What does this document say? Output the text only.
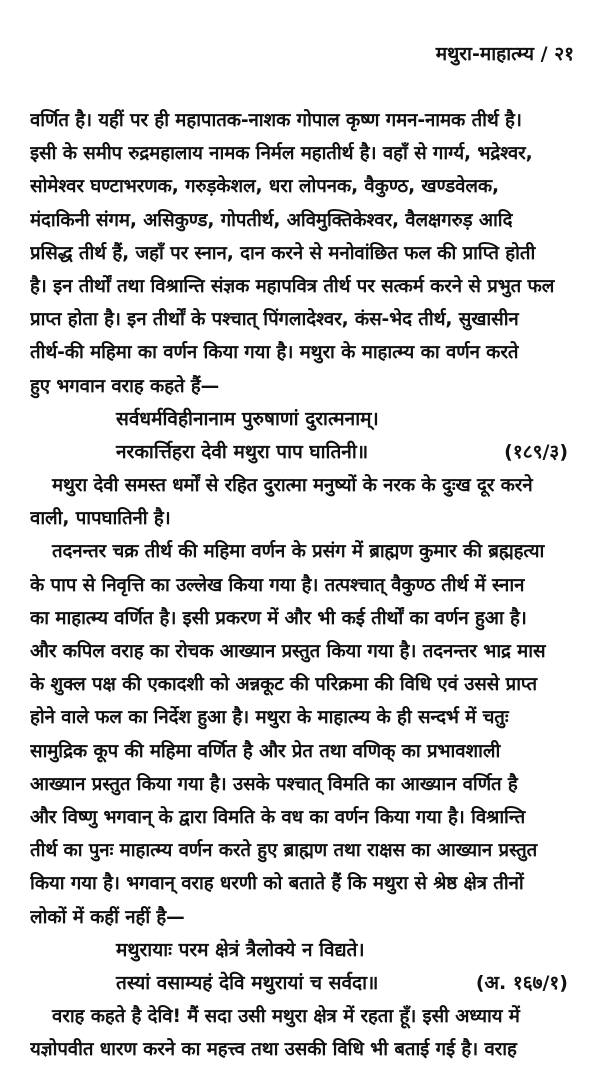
मथुरा-माहात्म्य / २१
वर्णित है। यहीं पर ही महापातक-नाशक गोपाल कृष्ण गमन-नामक तीर्थ है।
इसी के समीप रुद्रमहालाय नामक निर्मल महातीर्थ है। वहाँ से गार्ग्य, भद्रेश्वर,
सोमेश्वर घण्टाभरणक, गरुड़केशल, धरा लोपनक, वैकुण्ठ, खण्डवेलक,
मंदाकिनी संगम, असिकुण्ड, गोपतीर्थ, अविमुक्तिकेश्वर, वैलक्षगरुड़ आदि
प्रसिद्ध तीर्थ हैं, जहाँ पर स्नान, दान करने से मनोवांछित फल की प्राप्ति होती
है। इन तीर्थों तथा विश्रान्ति संज्ञक महापवित्र तीर्थ पर सत्कर्म करने से प्रभुत फल
प्राप्त होता है। इन तीर्थों के पश्चात् पिंगलादेश्वर, कंस-भेद तीर्थ, सुखासीन
तीर्थ-की महिमा का वर्णन किया गया है। मथुरा के माहात्म्य का वर्णन करते
हुए भगवान वराह कहते हैं—
सर्वधर्मविहीनानाम पुरुषाणां दुरात्मनाम्।
नरकार्त्तिहरा देवी मथुरा पाप घातिनी॥	(१८९/३)
मथुरा देवी समस्त धर्मों से रहित दुरात्मा मनुष्यों के नरक के दुःख दूर करने
वाली, पापघातिनी है।
तदनन्तर चक्र तीर्थ की महिमा वर्णन के प्रसंग में ब्राह्मण कुमार की ब्रह्महत्या
के पाप से निवृत्ति का उल्लेख किया गया है। तत्पश्चात् वैकुण्ठ तीर्थ में स्नान
का माहात्म्य वर्णित है। इसी प्रकरण में और भी कई तीर्थों का वर्णन हुआ है।
और कपिल वराह का रोचक आख्यान प्रस्तुत किया गया है। तदनन्तर भाद्र मास
के शुक्ल पक्ष की एकादशी को अन्नकूट की परिक्रमा की विधि एवं उससे प्राप्त
होने वाले फल का निर्देश हुआ है। मथुरा के माहात्म्य के ही सन्दर्भ में चतुः
सामुद्रिक कूप की महिमा वर्णित है और प्रेत तथा वणिक् का प्रभावशाली
आख्यान प्रस्तुत किया गया है। उसके पश्चात् विमति का आख्यान वर्णित है
और विष्णु भगवान् के द्वारा विमति के वध का वर्णन किया गया है। विश्रान्ति
तीर्थ का पुनः माहात्म्य वर्णन करते हुए ब्राह्मण तथा राक्षस का आख्यान प्रस्तुत
किया गया है। भगवान् वराह धरणी को बताते हैं कि मथुरा से श्रेष्ठ क्षेत्र तीनों
लोकों में कहीं नहीं है—
मथुरायाः परम क्षेत्रं त्रैलोक्ये न विद्यते।
तस्यां वसाम्यहं देवि मथुरायां च सर्वदा॥	(अ. १६७/१)
वराह कहते है देवि! मैं सदा उसी मथुरा क्षेत्र में रहता हूँ। इसी अध्याय में
यज्ञोपवीत धारण करने का महत्त्व तथा उसकी विधि भी बताई गई है। वराह
